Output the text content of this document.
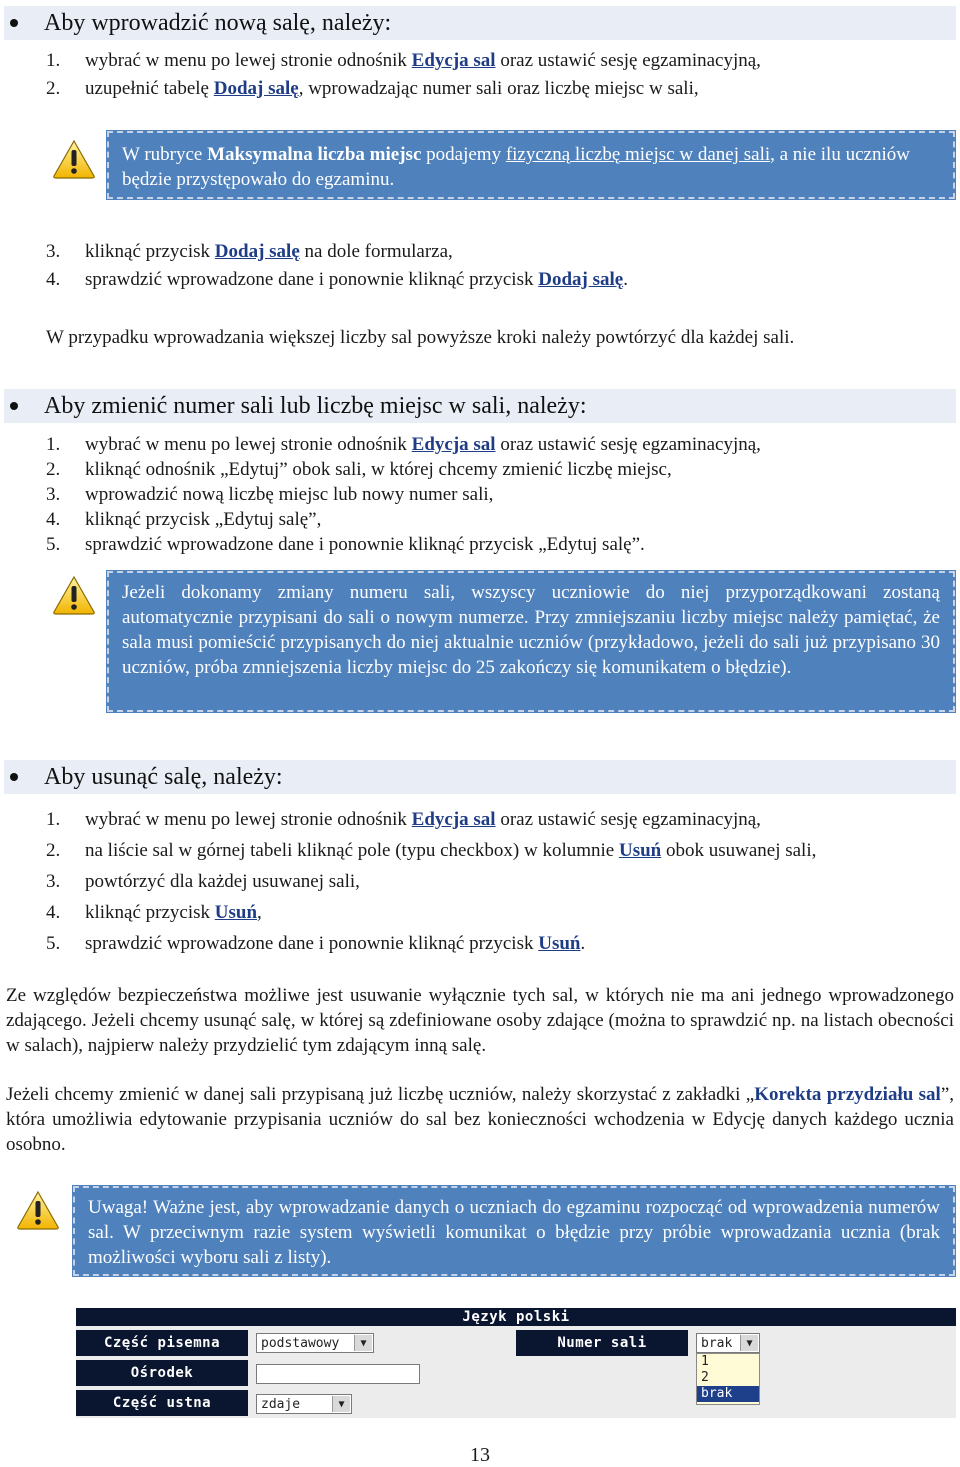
Aby wprowadzić nową salę, należy:
1.	wybrać w menu po lewej stronie odnośnik Edycja sal oraz ustawić sesję egzaminacyjną,
2.	uzupełnić tabelę Dodaj salę, wprowadzając numer sali oraz liczbę miejsc w sali,
W rubryce Maksymalna liczba miejsc podajemy fizyczną liczbę miejsc w danej sali, a nie ilu uczniów będzie przystępowało do egzaminu.
3.	kliknąć przycisk Dodaj salę na dole formularza,
4.	sprawdzić wprowadzone dane i ponownie kliknąć przycisk Dodaj salę.
W przypadku wprowadzania większej liczby sal powyższe kroki należy powtórzyć dla każdej sali.
Aby zmienić numer sali lub liczbę miejsc w sali, należy:
1.	wybrać w menu po lewej stronie odnośnik Edycja sal oraz ustawić sesję egzaminacyjną,
2.	kliknąć odnośnik „Edytuj” obok sali, w której chcemy zmienić liczbę miejsc,
3.	wprowadzić nową liczbę miejsc lub nowy numer sali,
4.	kliknąć przycisk „Edytuj salę”,
5.	sprawdzić wprowadzone dane i ponownie kliknąć przycisk „Edytuj salę”.
Jeżeli dokonamy zmiany numeru sali, wszyscy uczniowie do niej przyporządkowani zostaną automatycznie przypisani do sali o nowym numerze. Przy zmniejszaniu liczby miejsc należy pamiętać, że sala musi pomieścić przypisanych do niej aktualnie uczniów (przykładowo, jeżeli do sali już przypisano 30 uczniów, próba zmniejszenia liczby miejsc do 25 zakończy się komunikatem o błędzie).
Aby usunąć salę, należy:
1.	wybrać w menu po lewej stronie odnośnik Edycja sal oraz ustawić sesję egzaminacyjną,
2.	na liście sal w górnej tabeli kliknąć pole (typu checkbox) w kolumnie Usuń obok usuwanej sali,
3.	powtórzyć dla każdej usuwanej sali,
4.	kliknąć przycisk Usuń,
5.	sprawdzić wprowadzone dane i ponownie kliknąć przycisk Usuń.

Ze względów bezpieczeństwa możliwe jest usuwanie wyłącznie tych sal, w których nie ma ani jednego wprowadzonego zdającego. Jeżeli chcemy usunąć salę, w której są zdefiniowane osoby zdające (można to sprawdzić np. na listach obecności w salach), najpierw należy przydzielić tym zdającym inną salę.

Jeżeli chcemy zmienić w danej sali przypisaną już liczbę uczniów, należy skorzystać z zakładki „Korekta przydziału sal”, która umożliwia edytowanie przypisania uczniów do sal bez konieczności wchodzenia w Edycję danych każdego ucznia osobno.

Uwaga! Ważne jest, aby wprowadzanie danych o uczniach do egzaminu rozpocząć od wprowadzenia numerów sal. W przeciwnym razie system wyświetli komunikat o błędzie przy próbie wprowadzania ucznia (brak możliwości wyboru sali z listy).
Język polski
Część pisemna	podstawowy	▼
Ośrodek
Część ustna	zdaje	▼
Numer sali	brak	▼
1
2
brak
13
